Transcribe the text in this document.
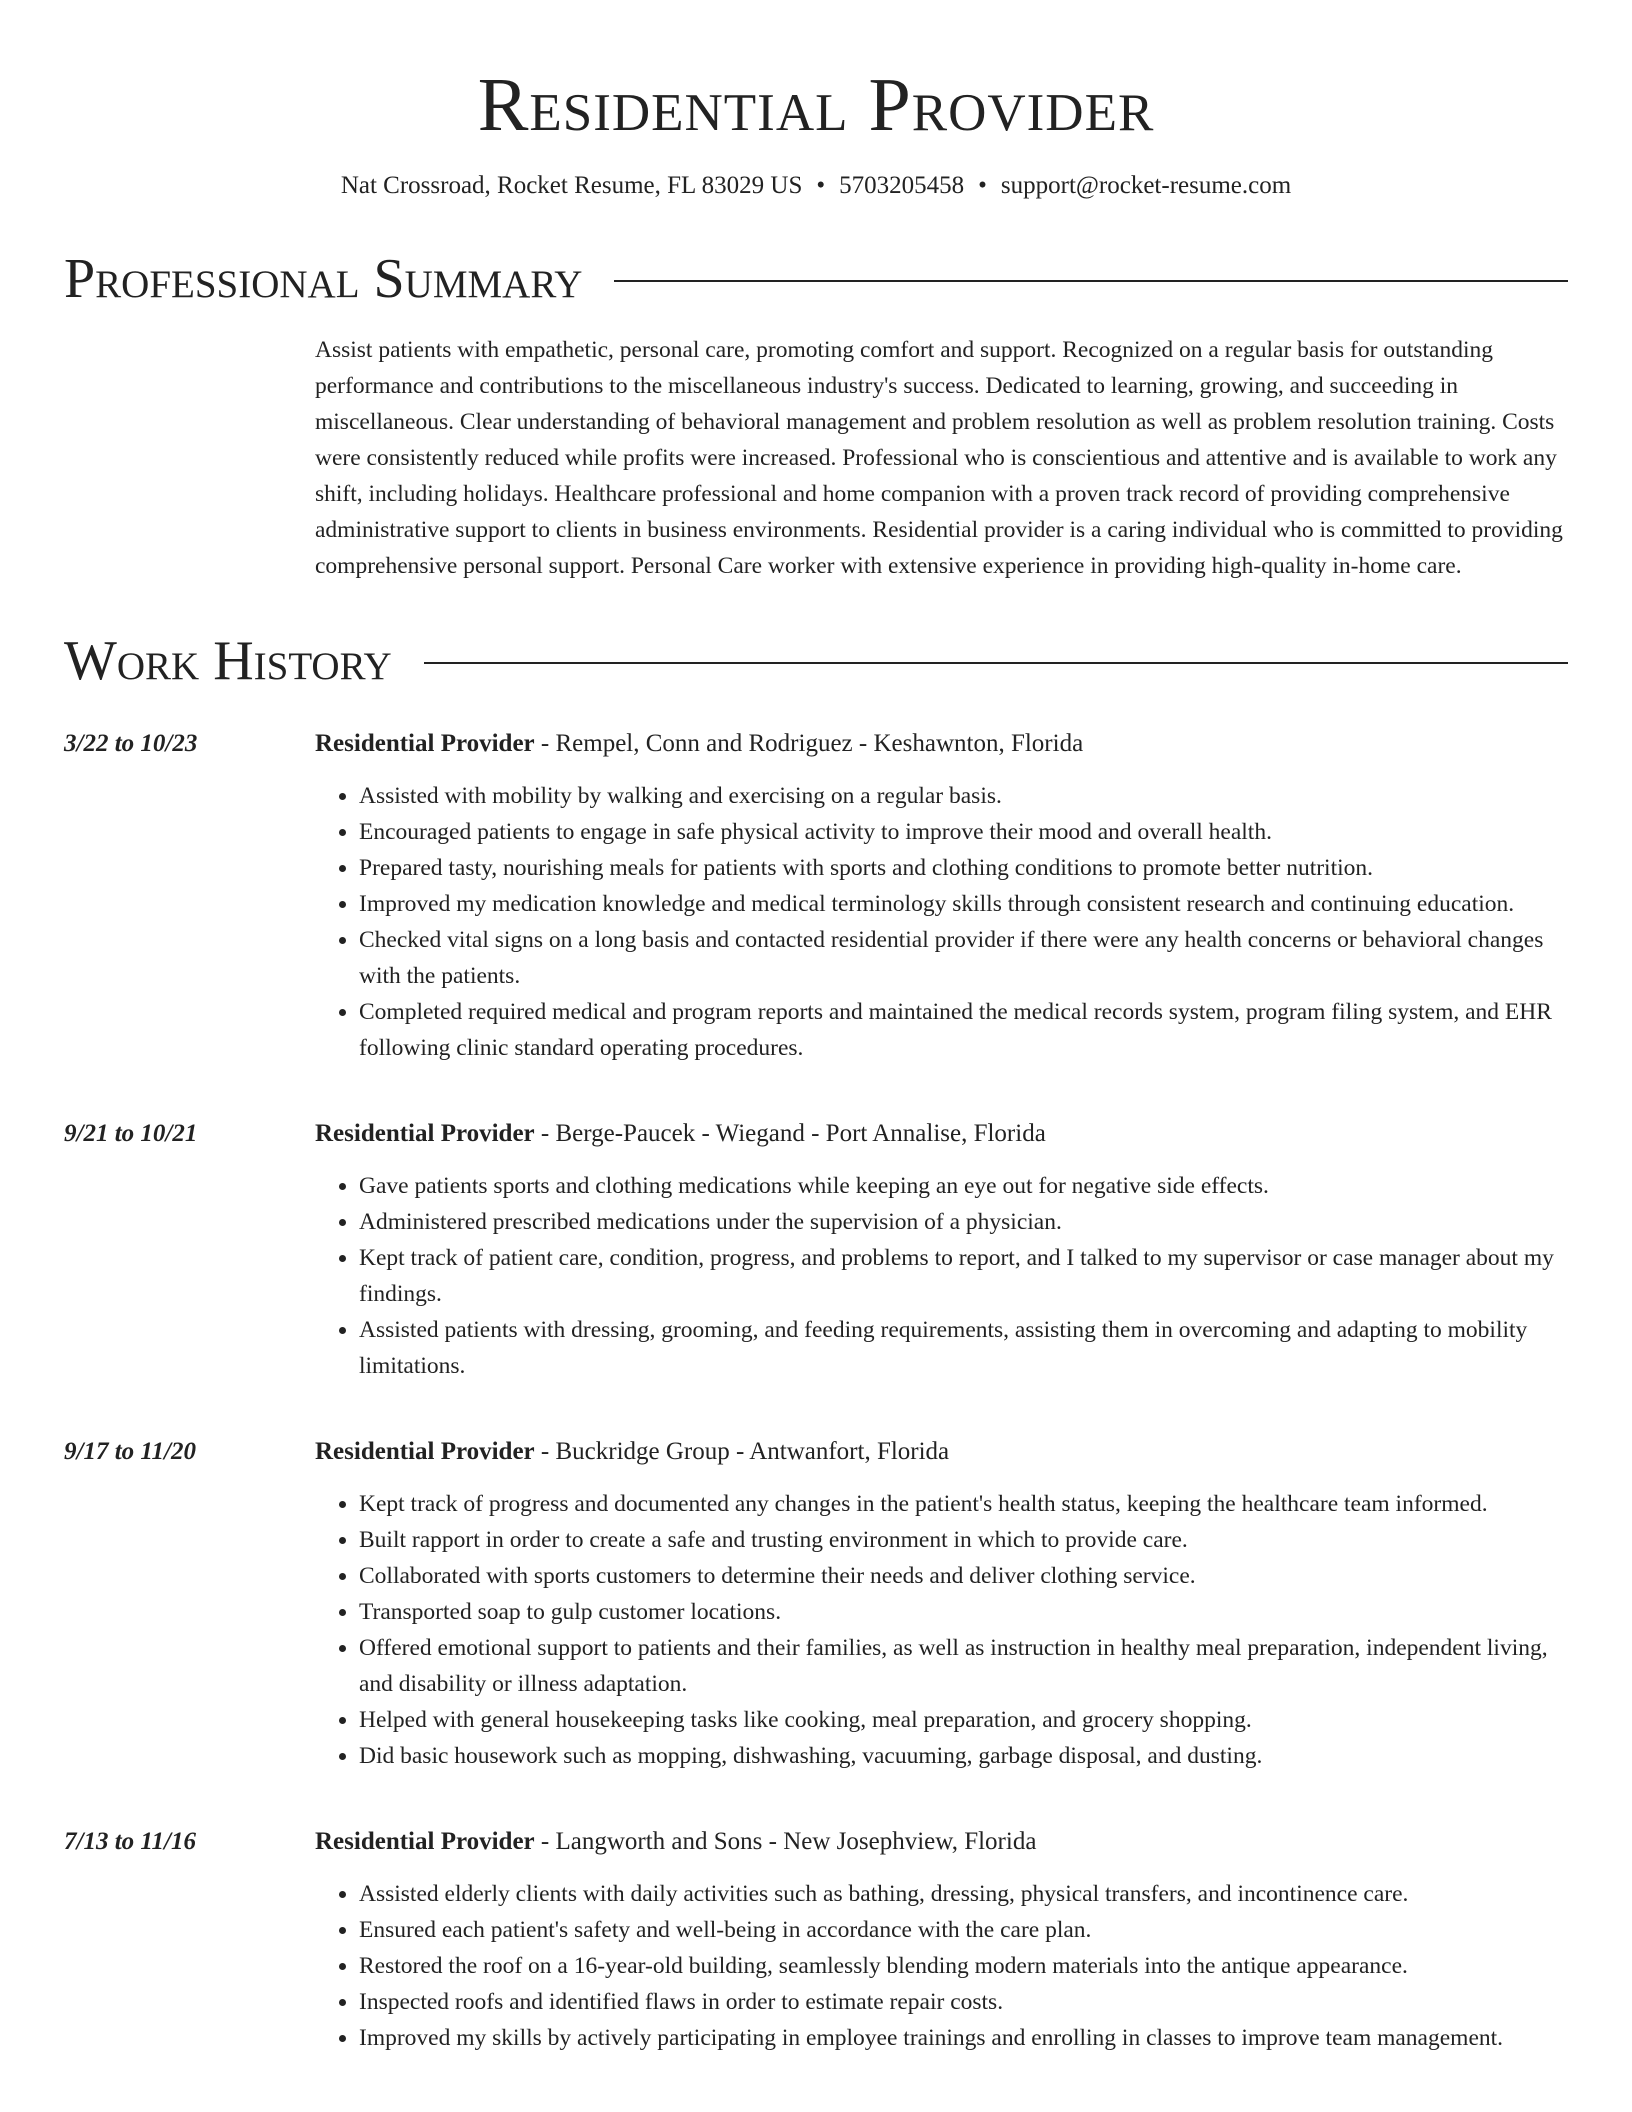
Residential Provider
Nat Crossroad, Rocket Resume, FL 83029 US • 5703205458 • support@rocket-resume.com
Professional Summary
Assist patients with empathetic, personal care, promoting comfort and support. Recognized on a regular basis for outstanding performance and contributions to the miscellaneous industry's success. Dedicated to learning, growing, and succeeding in miscellaneous. Clear understanding of behavioral management and problem resolution as well as problem resolution training. Costs were consistently reduced while profits were increased. Professional who is conscientious and attentive and is available to work any shift, including holidays. Healthcare professional and home companion with a proven track record of providing comprehensive administrative support to clients in business environments. Residential provider is a caring individual who is committed to providing comprehensive personal support. Personal Care worker with extensive experience in providing high-quality in-home care.
Work History
3/22 to 10/23	Residential Provider - Rempel, Conn and Rodriguez - Keshawnton, Florida
• Assisted with mobility by walking and exercising on a regular basis.
• Encouraged patients to engage in safe physical activity to improve their mood and overall health.
• Prepared tasty, nourishing meals for patients with sports and clothing conditions to promote better nutrition.
• Improved my medication knowledge and medical terminology skills through consistent research and continuing education.
• Checked vital signs on a long basis and contacted residential provider if there were any health concerns or behavioral changes with the patients.
• Completed required medical and program reports and maintained the medical records system, program filing system, and EHR following clinic standard operating procedures.
9/21 to 10/21	Residential Provider - Berge-Paucek - Wiegand - Port Annalise, Florida
• Gave patients sports and clothing medications while keeping an eye out for negative side effects.
• Administered prescribed medications under the supervision of a physician.
• Kept track of patient care, condition, progress, and problems to report, and I talked to my supervisor or case manager about my findings.
• Assisted patients with dressing, grooming, and feeding requirements, assisting them in overcoming and adapting to mobility limitations.
9/17 to 11/20	Residential Provider - Buckridge Group - Antwanfort, Florida
• Kept track of progress and documented any changes in the patient's health status, keeping the healthcare team informed.
• Built rapport in order to create a safe and trusting environment in which to provide care.
• Collaborated with sports customers to determine their needs and deliver clothing service.
• Transported soap to gulp customer locations.
• Offered emotional support to patients and their families, as well as instruction in healthy meal preparation, independent living, and disability or illness adaptation.
• Helped with general housekeeping tasks like cooking, meal preparation, and grocery shopping.
• Did basic housework such as mopping, dishwashing, vacuuming, garbage disposal, and dusting.
7/13 to 11/16	Residential Provider - Langworth and Sons - New Josephview, Florida
• Assisted elderly clients with daily activities such as bathing, dressing, physical transfers, and incontinence care.
• Ensured each patient's safety and well-being in accordance with the care plan.
• Restored the roof on a 16-year-old building, seamlessly blending modern materials into the antique appearance.
• Inspected roofs and identified flaws in order to estimate repair costs.
• Improved my skills by actively participating in employee trainings and enrolling in classes to improve team management.
